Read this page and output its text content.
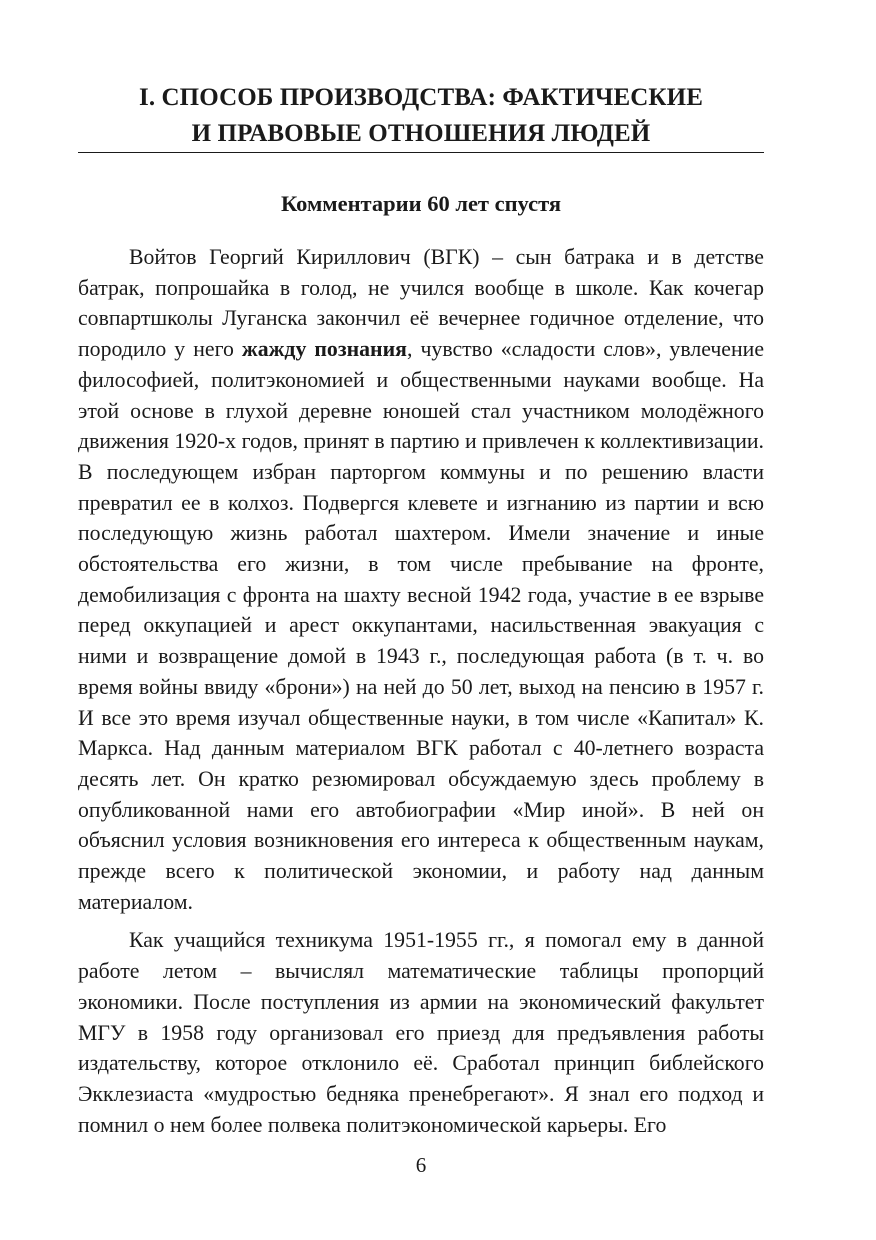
I. СПОСОБ ПРОИЗВОДСТВА: ФАКТИЧЕСКИЕ
И ПРАВОВЫЕ ОТНОШЕНИЯ ЛЮДЕЙ
Комментарии 60 лет спустя

Войтов Георгий Кириллович (ВГК) – сын батрака и в детстве батрак, попрошайка в голод, не учился вообще в школе. Как кочегар совпартшколы Луганска закончил её вечернее годичное отделение, что породило у него жажду познания, чувство «сладости слов», увлечение философией, политэкономией и общественными науками вообще. На этой основе в глухой деревне юношей стал участником молодёжного движения 1920-х годов, принят в партию и привлечен к коллективизации. В последующем избран парторгом коммуны и по решению власти превратил ее в колхоз. Подвергся клевете и изгнанию из партии и всю последующую жизнь работал шахтером. Имели значение и иные обстоятельства его жизни, в том числе пребывание на фронте, демобилизация с фронта на шахту весной 1942 года, участие в ее взрыве перед оккупацией и арест оккупантами, насильственная эвакуация с ними и возвращение домой в 1943 г., последующая работа (в т. ч. во время войны ввиду «брони») на ней до 50 лет, выход на пенсию в 1957 г. И все это время изучал общественные науки, в том числе «Капитал» К. Маркса. Над данным материалом ВГК работал с 40-летнего возраста десять лет. Он кратко резюмировал обсуждаемую здесь проблему в опубликованной нами его автобиографии «Мир иной». В ней он объяснил условия возникновения его интереса к общественным наукам, прежде всего к политической экономии, и работу над данным материалом.

Как учащийся техникума 1951-1955 гг., я помогал ему в данной работе летом – вычислял математические таблицы пропорций экономики. После поступления из армии на экономический факультет МГУ в 1958 году организовал его приезд для предъявления работы издательству, которое отклонило её. Сработал принцип библейского Экклезиаста «мудростью бедняка пренебрегают». Я знал его подход и помнил о нем более полвека политэкономической карьеры. Его

6
